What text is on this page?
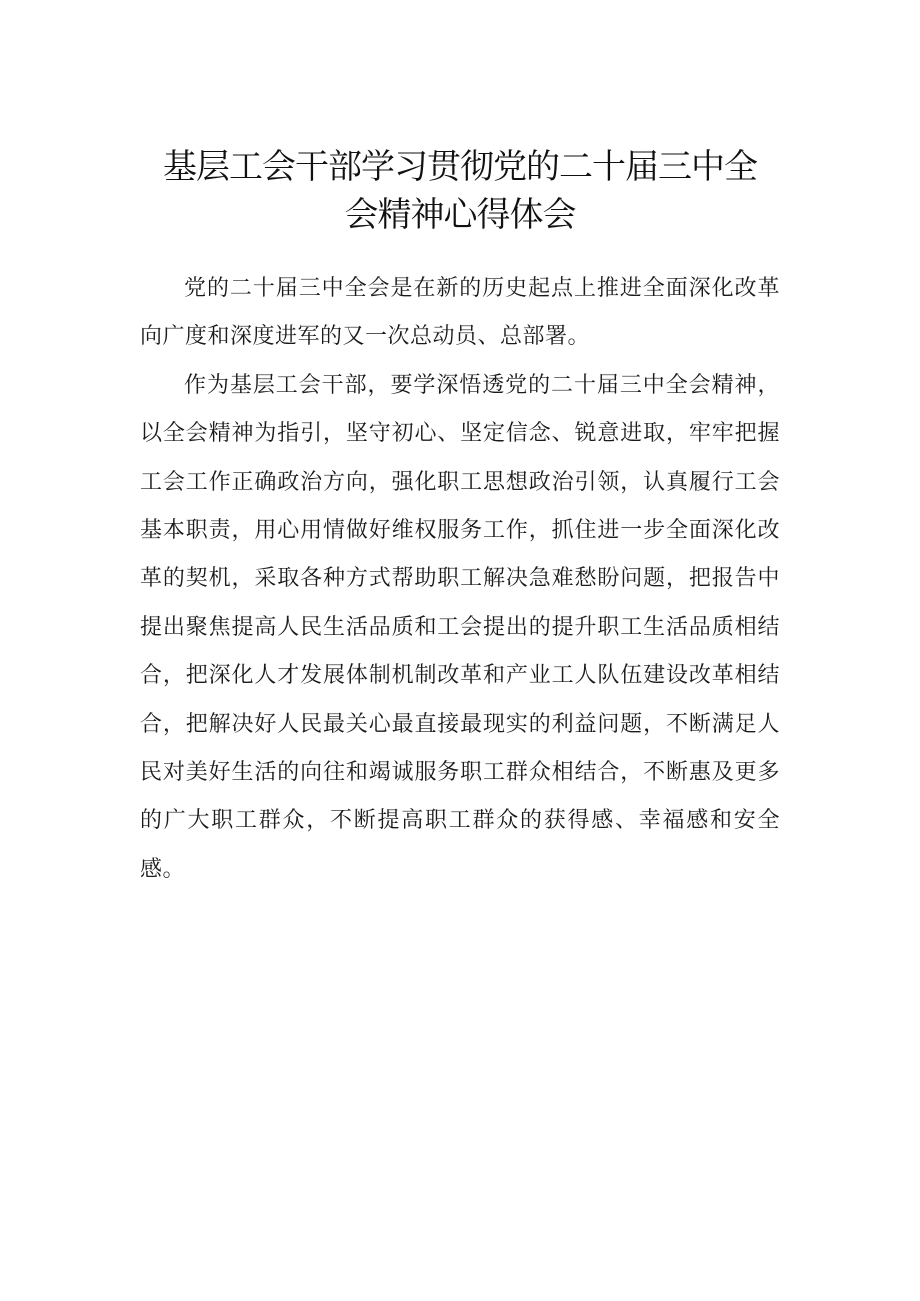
基层工会干部学习贯彻党的二十届三中全
会精神心得体会

党的二十届三中全会是在新的历史起点上推进全面深化改革向广度和深度进军的又一次总动员、总部署。

作为基层工会干部，要学深悟透党的二十届三中全会精神，以全会精神为指引，坚守初心、坚定信念、锐意进取，牢牢把握工会工作正确政治方向，强化职工思想政治引领，认真履行工会基本职责，用心用情做好维权服务工作，抓住进一步全面深化改革的契机，采取各种方式帮助职工解决急难愁盼问题，把报告中提出聚焦提高人民生活品质和工会提出的提升职工生活品质相结合，把深化人才发展体制机制改革和产业工人队伍建设改革相结合，把解决好人民最关心最直接最现实的利益问题，不断满足人民对美好生活的向往和竭诚服务职工群众相结合，不断惠及更多的广大职工群众，不断提高职工群众的获得感、幸福感和安全感。
